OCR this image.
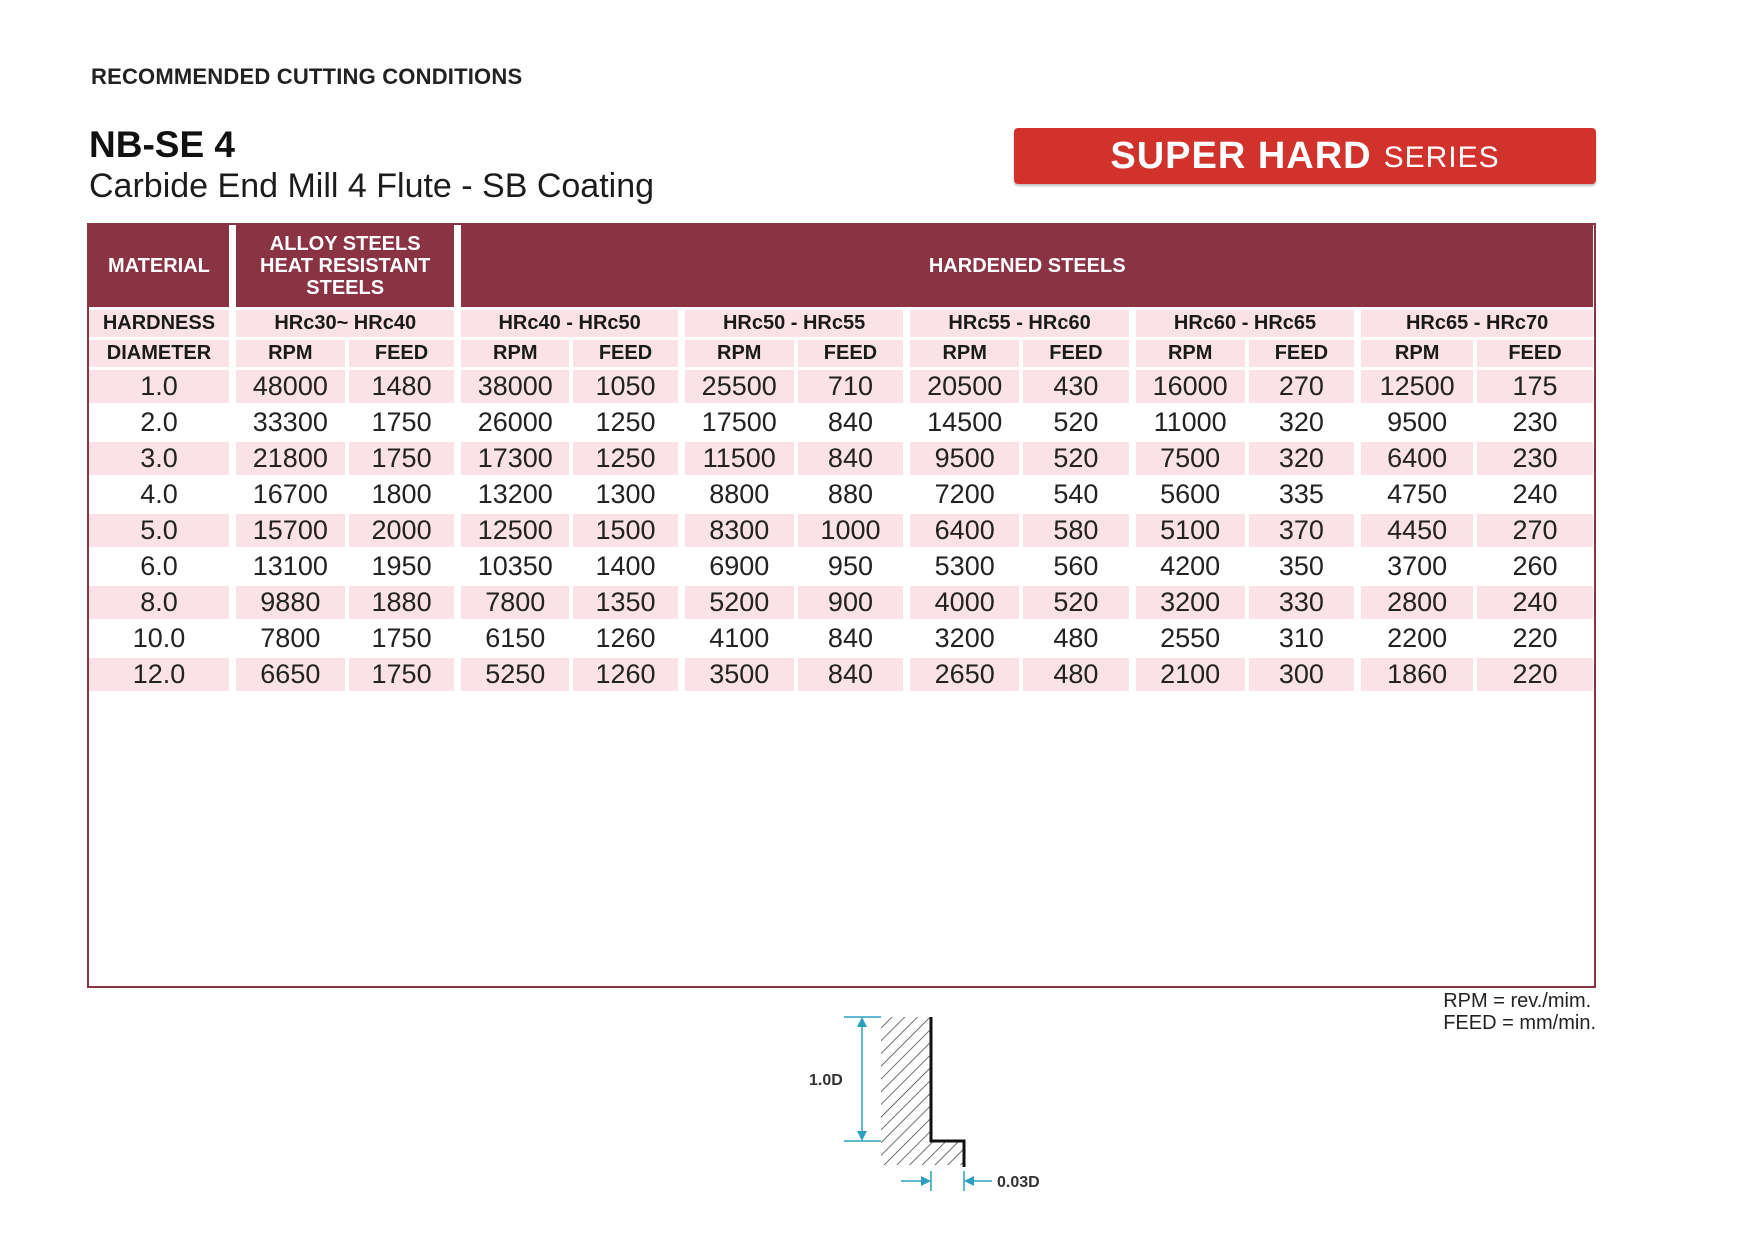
RECOMMENDED CUTTING CONDITIONS
NB-SE 4
Carbide End Mill 4 Flute - SB Coating
SUPER HARD SERIES
MATERIAL	ALLOY STEELS
HEAT RESISTANT
STEELS		HARDENED STEELS									
HARDNESS	HRc30~ HRc40		HRc40 - HRc50		HRc50 - HRc55		HRc55 - HRc60		HRc60 - HRc65		HRc65 - HRc70	
DIAMETER	RPM	FEED	RPM	FEED	RPM	FEED	RPM	FEED	RPM	FEED	RPM	FEED
1.0	48000	1480	38000	1050	25500	710	20500	430	16000	270	12500	175
2.0	33300	1750	26000	1250	17500	840	14500	520	11000	320	9500	230
3.0	21800	1750	17300	1250	11500	840	9500	520	7500	320	6400	230
4.0	16700	1800	13200	1300	8800	880	7200	540	5600	335	4750	240
5.0	15700	2000	12500	1500	8300	1000	6400	580	5100	370	4450	270
6.0	13100	1950	10350	1400	6900	950	5300	560	4200	350	3700	260
8.0	9880	1880	7800	1350	5200	900	4000	520	3200	330	2800	240
10.0	7800	1750	6150	1260	4100	840	3200	480	2550	310	2200	220
12.0	6650	1750	5250	1260	3500	840	2650	480	2100	300	1860	220
1.0D
0.03D
RPM = rev./mim.
FEED = mm/min.
